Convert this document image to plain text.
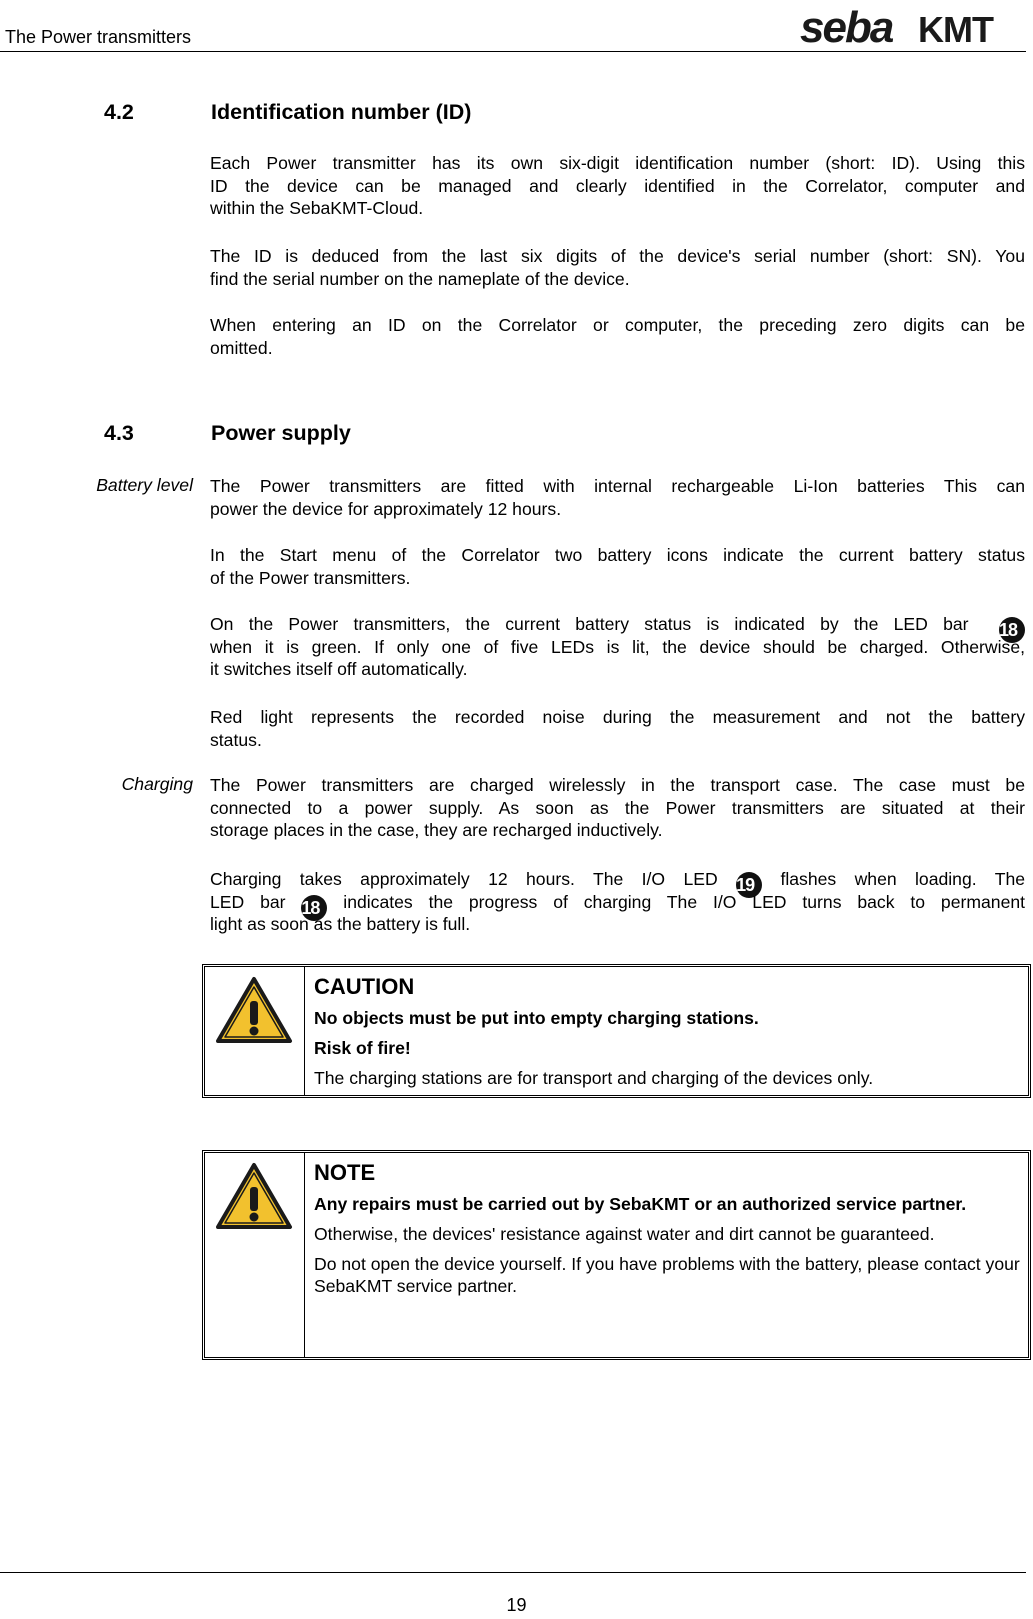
The Power transmitters	seba KMT
4.2	Identification number (ID)

Each Power transmitter has its own six-digit identification number (short: ID). Using this
ID the device can be managed and clearly identified in the Correlator, computer and
within the SebaKMT-Cloud.

The ID is deduced from the last six digits of the device's serial number (short: SN). You
find the serial number on the nameplate of the device.

When entering an ID on the Correlator or computer, the preceding zero digits can be
omitted.

4.3	Power supply
Battery level The Power transmitters are fitted with internal rechargeable Li-Ion batteries This can
power the device for approximately 12 hours.

In the Start menu of the Correlator two battery icons indicate the current battery status
of the Power transmitters.

On the Power transmitters, the current battery status is indicated by the LED bar 18
when it is green. If only one of five LEDs is lit, the device should be charged. Otherwise,
it switches itself off automatically.

Red light represents the recorded noise during the measurement and not the battery
status.

Charging The Power transmitters are charged wirelessly in the transport case. The case must be
connected to a power supply. As soon as the Power transmitters are situated at their
storage places in the case, they are recharged inductively.

Charging takes approximately 12 hours. The I/O LED 19 flashes when loading. The
LED bar 18 indicates the progress of charging The I/O LED turns back to permanent
light as soon as the battery is full.

CAUTION
No objects must be put into empty charging stations.
Risk of fire!
The charging stations are for transport and charging of the devices only.
NOTE
Any repairs must be carried out by SebaKMT or an authorized service partner.
Otherwise, the devices' resistance against water and dirt cannot be guaranteed.
Do not open the device yourself. If you have problems with the battery, please contact your SebaKMT service partner.
19
